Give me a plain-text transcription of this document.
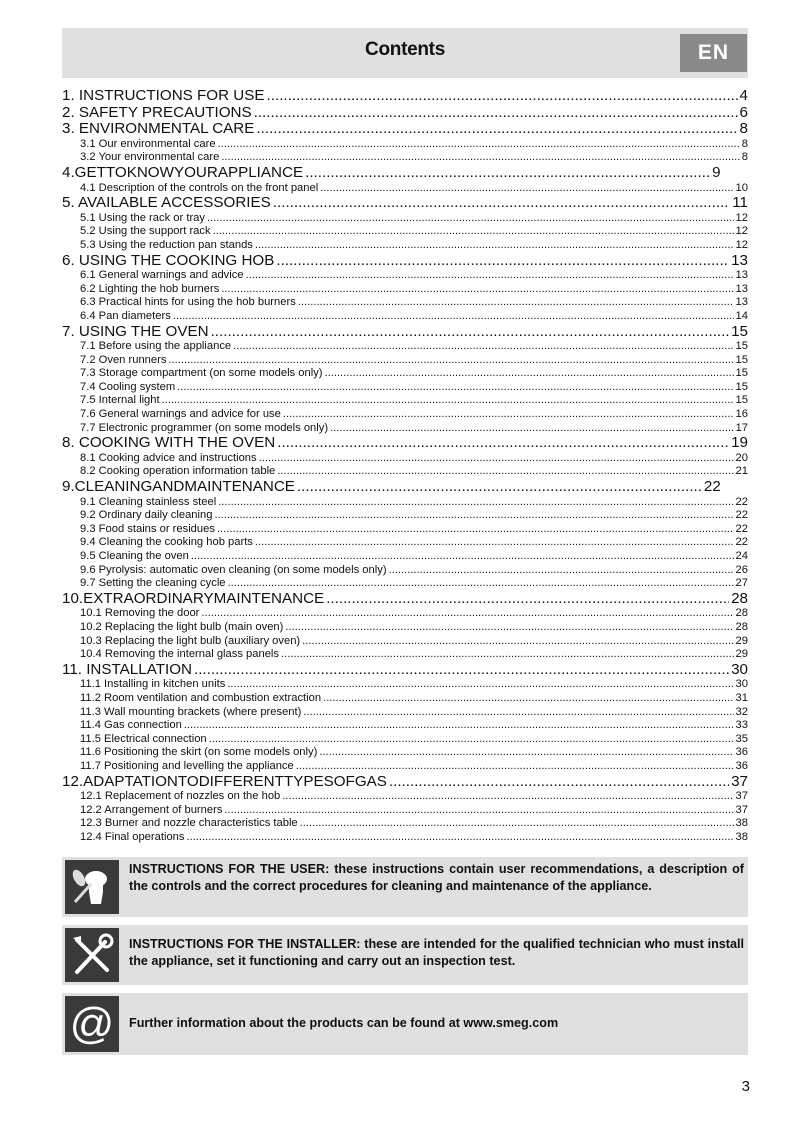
Contents	EN
1. INSTRUCTIONS FOR USE .....	4
2. SAFETY PRECAUTIONS .....	6
3. ENVIRONMENTAL CARE .....	8
3.1 Our environmental care .....	8
3.2 Your environmental care .....	8
4.GETTOKNOWYOURAPPLIANCE .....	9
4.1 Description of the controls on the front panel .....	10
5. AVAILABLE ACCESSORIES .....	11
5.1 Using the rack or tray .....	12
5.2 Using the support rack .....	12
5.3 Using the reduction pan stands .....	12
6. USING THE COOKING HOB .....	13
6.1 General warnings and advice .....	13
6.2 Lighting the hob burners .....	13
6.3 Practical hints for using the hob burners .....	13
6.4 Pan diameters .....	14
7. USING THE OVEN .....	15
7.1 Before using the appliance .....	15
7.2 Oven runners .....	15
7.3 Storage compartment (on some models only) .....	15
7.4 Cooling system .....	15
7.5 Internal light .....	15
7.6 General warnings and advice for use .....	16
7.7 Electronic programmer (on some models only) .....	17
8. COOKING WITH THE OVEN .....	19
8.1 Cooking advice and instructions .....	20
8.2 Cooking operation information table .....	21
9.CLEANINGANDMAINTENANCE .....	22
9.1 Cleaning stainless steel .....	22
9.2 Ordinary daily cleaning .....	22
9.3 Food stains or residues .....	22
9.4 Cleaning the cooking hob parts .....	22
9.5 Cleaning the oven .....	24
9.6 Pyrolysis: automatic oven cleaning (on some models only) .....	26
9.7 Setting the cleaning cycle .....	27
10.EXTRAORDINARYMAINTENANCE .....	28
10.1 Removing the door .....	28
10.2 Replacing the light bulb (main oven) .....	28
10.3 Replacing the light bulb (auxiliary oven) .....	29
10.4 Removing the internal glass panels .....	29
11. INSTALLATION .....	30
11.1 Installing in kitchen units .....	30
11.2 Room ventilation and combustion extraction .....	31
11.3 Wall mounting brackets (where present) .....	32
11.4 Gas connection .....	33
11.5 Electrical connection .....	35
11.6 Positioning the skirt (on some models only) .....	36
11.7 Positioning and levelling the appliance .....	36
12.ADAPTATIONTODIFFERENTTYPESOFGAS .....	37
12.1 Replacement of nozzles on the hob .....	37
12.2 Arrangement of burners .....	37
12.3 Burner and nozzle characteristics table .....	38
12.4 Final operations .....	38
INSTRUCTIONS FOR THE USER: these instructions contain user recommendations, a description of the controls and the correct procedures for cleaning and maintenance of the appliance.
INSTRUCTIONS FOR THE INSTALLER: these are intended for the qualified technician who must install the appliance, set it functioning and carry out an inspection test.
@ Further information about the products can be found at www.smeg.com
3
